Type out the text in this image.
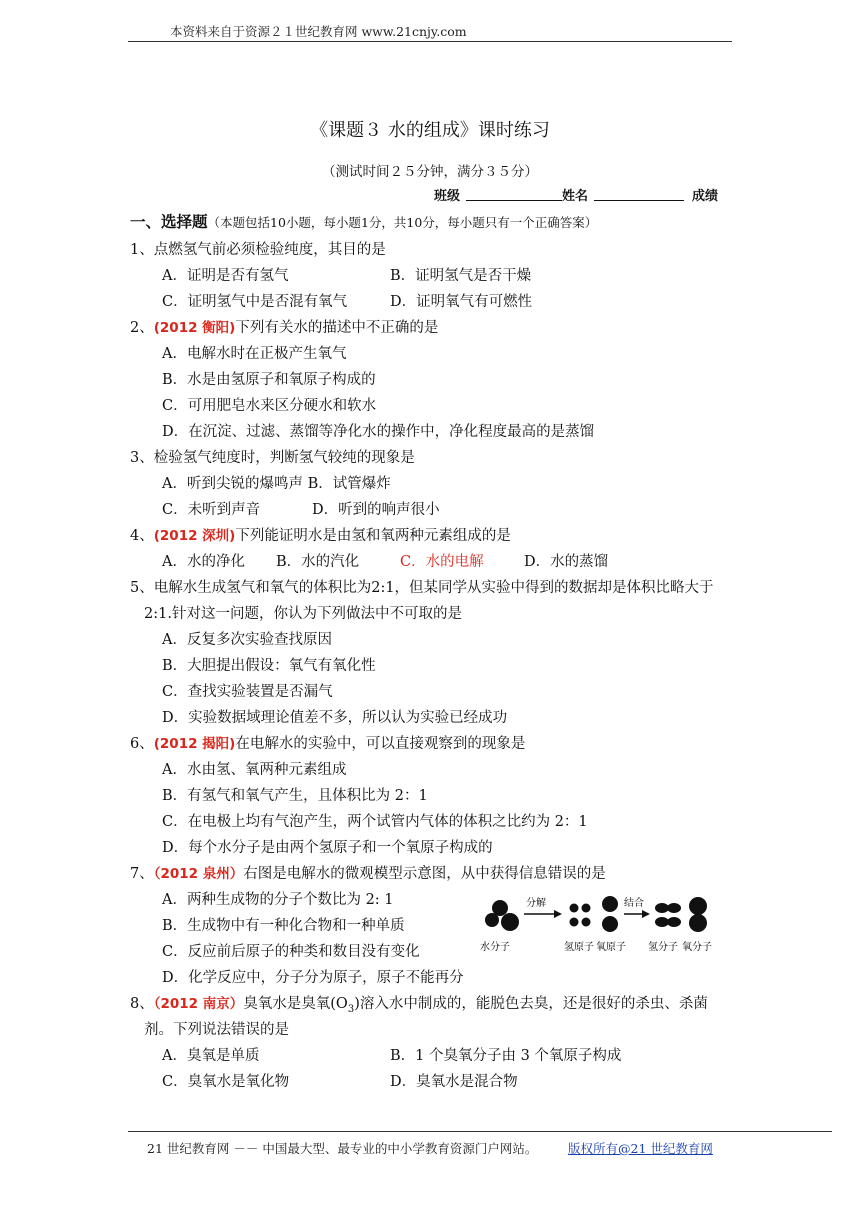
本资料来自于资源２１世纪教育网 www.21cnjy.com
《课题３ 水的组成》课时练习
（测试时间２５分钟，满分３５分）
班级	姓名	成绩
一、选择题（本题包括10小题，每小题1分，共10分，每小题只有一个正确答案）
1、点燃氢气前必须检验纯度，其目的是
A．证明是否有氢气	B．证明氢气是否干燥
C．证明氢气中是否混有氧气	D．证明氧气有可燃性
2、(2012 衡阳)下列有关水的描述中不正确的是
A．电解水时在正极产生氧气
B．水是由氢原子和氧原子构成的
C．可用肥皂水来区分硬水和软水
D．在沉淀、过滤、蒸馏等净化水的操作中，净化程度最高的是蒸馏
3、检验氢气纯度时，判断氢气较纯的现象是
A．听到尖锐的爆鸣声 B．试管爆炸
C．未听到声音	D．听到的响声很小
4、(2012 深圳)下列能证明水是由氢和氧两种元素组成的是
A．水的净化 B．水的汽化	C．水的电解	D．水的蒸馏
5、电解水生成氢气和氧气的体积比为2:1，但某同学从实验中得到的数据却是体积比略大于
2:1.针对这一问题，你认为下列做法中不可取的是
A．反复多次实验查找原因
B．大胆提出假设：氧气有氧化性
C．查找实验装置是否漏气
D．实验数据域理论值差不多，所以认为实验已经成功
6、(2012 揭阳)在电解水的实验中，可以直接观察到的现象是
A．水由氢、氧两种元素组成
B．有氢气和氧气产生，且体积比为 2：1
C．在电极上均有气泡产生，两个试管内气体的体积之比约为 2：1
D．每个水分子是由两个氢原子和一个氧原子构成的
7、（2012 泉州）右图是电解水的微观模型示意图，从中获得信息错误的是
A．两种生成物的分子个数比为 2: 1
B．生成物中有一种化合物和一种单质
C．反应前后原子的种类和数目没有变化
D．化学反应中，分子分为原子，原子不能再分
分解	结合
水分子	氢原子 氧原子 氢分子 氧分子
8、（2012 南京）臭氧水是臭氧$(O_3)$溶入水中制成的，能脱色去臭，还是很好的杀虫、杀菌
剂。下列说法错误的是
A．臭氧是单质	B．1 个臭氧分子由 3 个氧原子构成
C．臭氧水是氧化物	D．臭氧水是混合物
21 世纪教育网 －－ 中国最大型、最专业的中小学教育资源门户网站。 版权所有@21 世纪教育网
